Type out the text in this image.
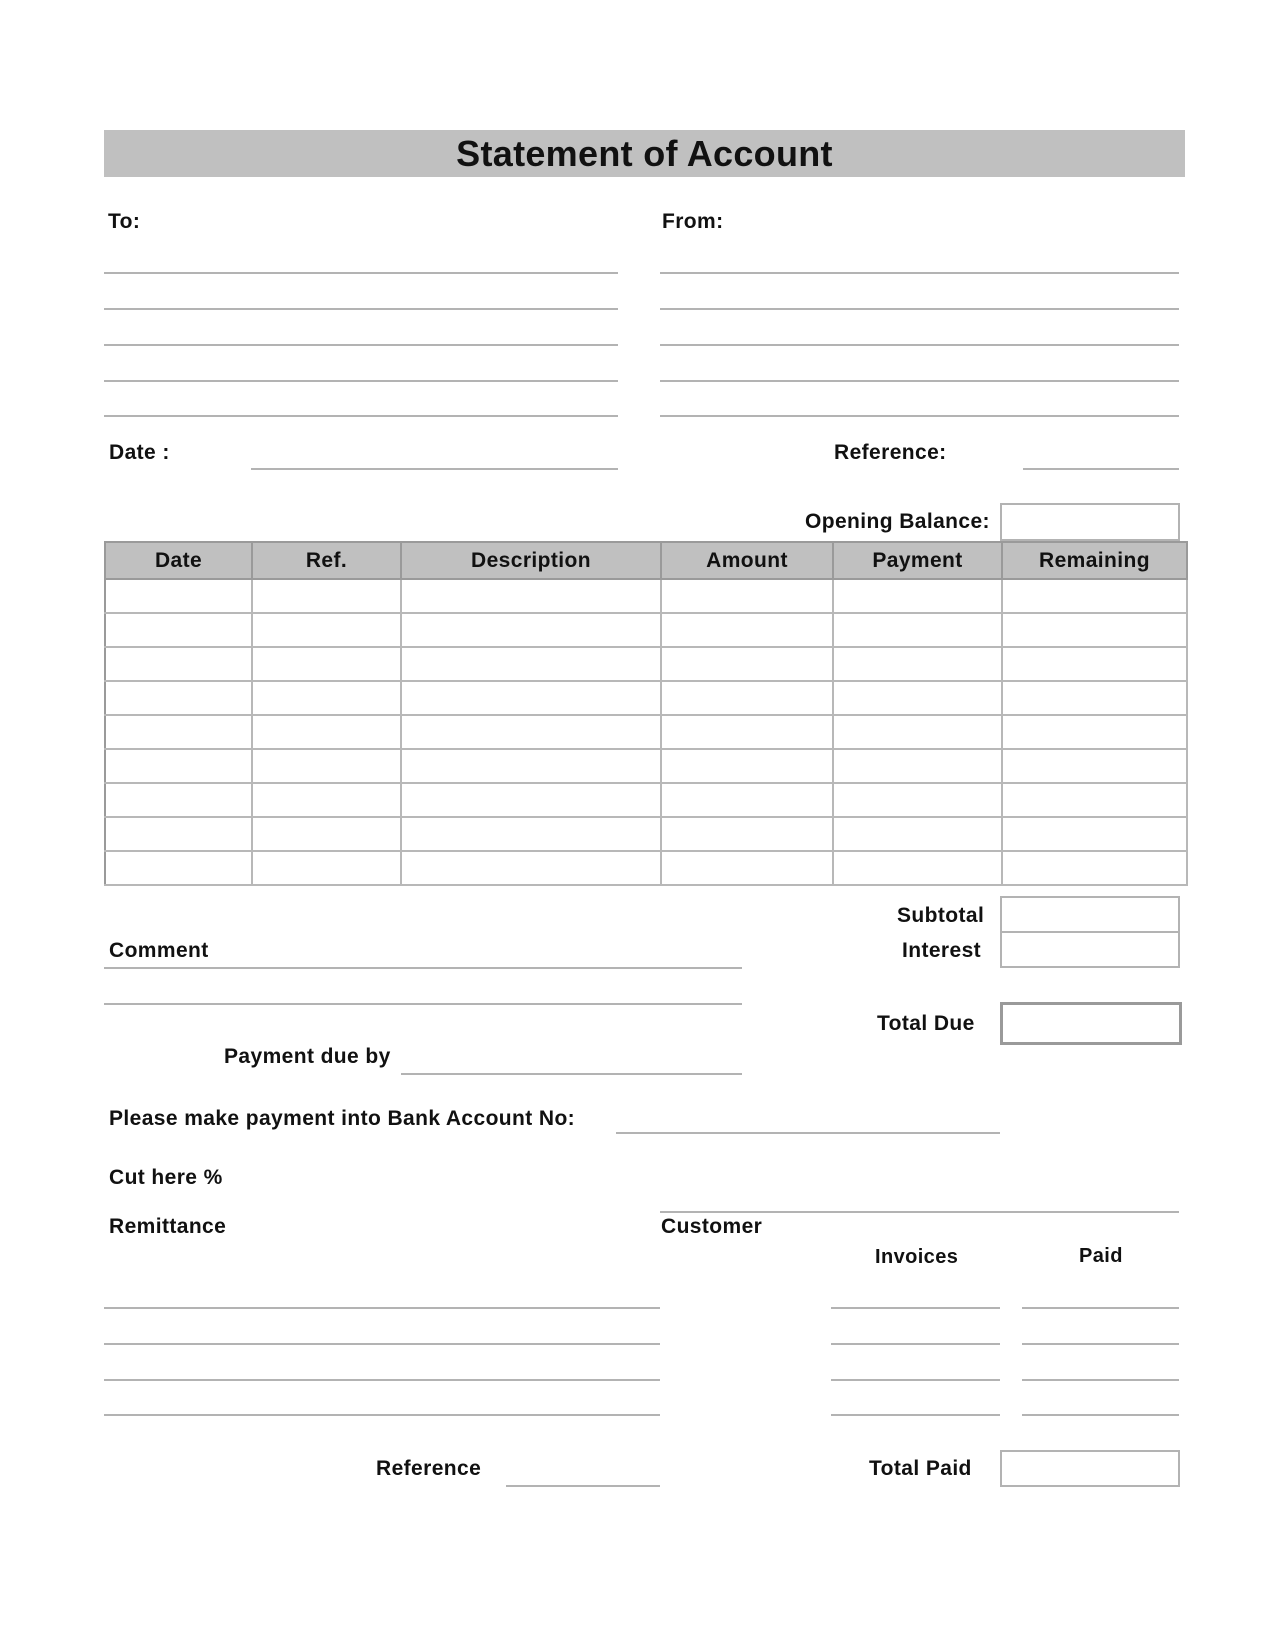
Statement of Account
To:	From:
Date :	Reference:
Opening Balance:
Date	Ref.	Description	Amount	Payment	Remaining

Subtotal
Interest
Total Due
Comment
Payment due by
Please make payment into Bank Account No:
Cut here %
Remittance	Customer
Invoices	Paid
Reference	Total Paid
